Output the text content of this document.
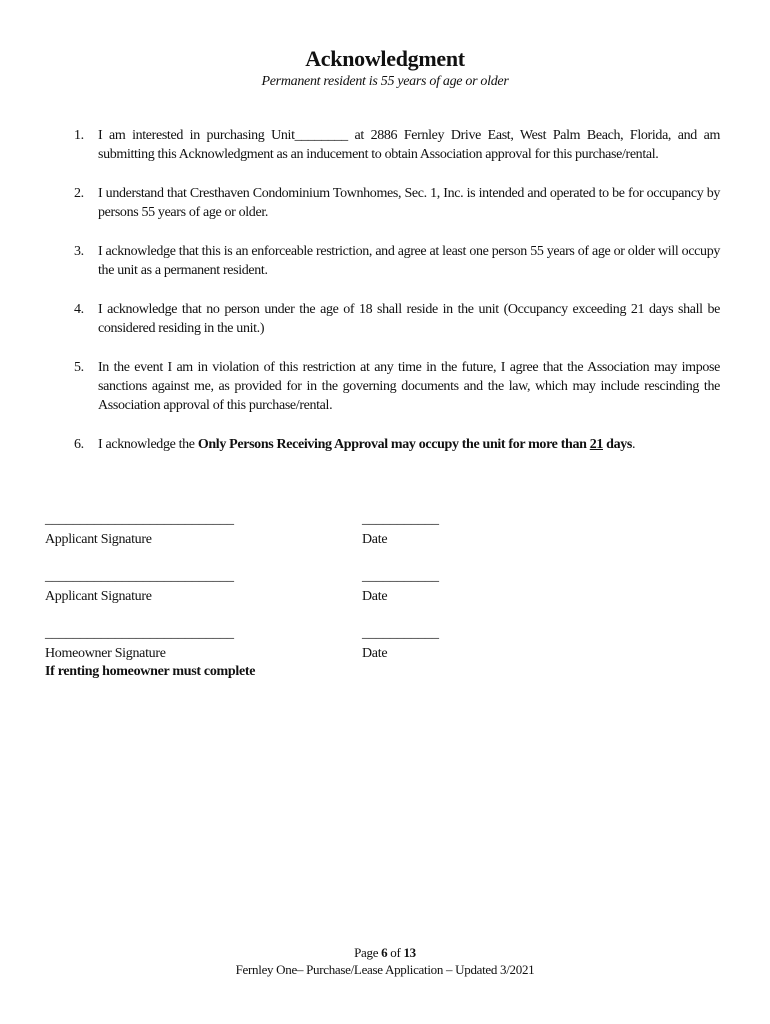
Acknowledgment
Permanent resident is 55 years of age or older
1. I am interested in purchasing Unit________ at 2886 Fernley Drive East, West Palm Beach, Florida, and am submitting this Acknowledgment as an inducement to obtain Association approval for this purchase/rental.
2. I understand that Cresthaven Condominium Townhomes, Sec. 1, Inc. is intended and operated to be for occupancy by persons 55 years of age or older.
3. I acknowledge that this is an enforceable restriction, and agree at least one person 55 years of age or older will occupy the unit as a permanent resident.
4. I acknowledge that no person under the age of 18 shall reside in the unit (Occupancy exceeding 21 days shall be considered residing in the unit.)
5. In the event I am in violation of this restriction at any time in the future, I agree that the Association may impose sanctions against me, as provided for in the governing documents and the law, which may include rescinding the Association approval of this purchase/rental.
6. I acknowledge the Only Persons Receiving Approval may occupy the unit for more than 21 days.
___________________________	___________
Applicant Signature	Date
___________________________	___________
Applicant Signature	Date
___________________________	___________
Homeowner Signature	Date
If renting homeowner must complete
Page 6 of 13
Fernley One– Purchase/Lease Application – Updated 3/2021
